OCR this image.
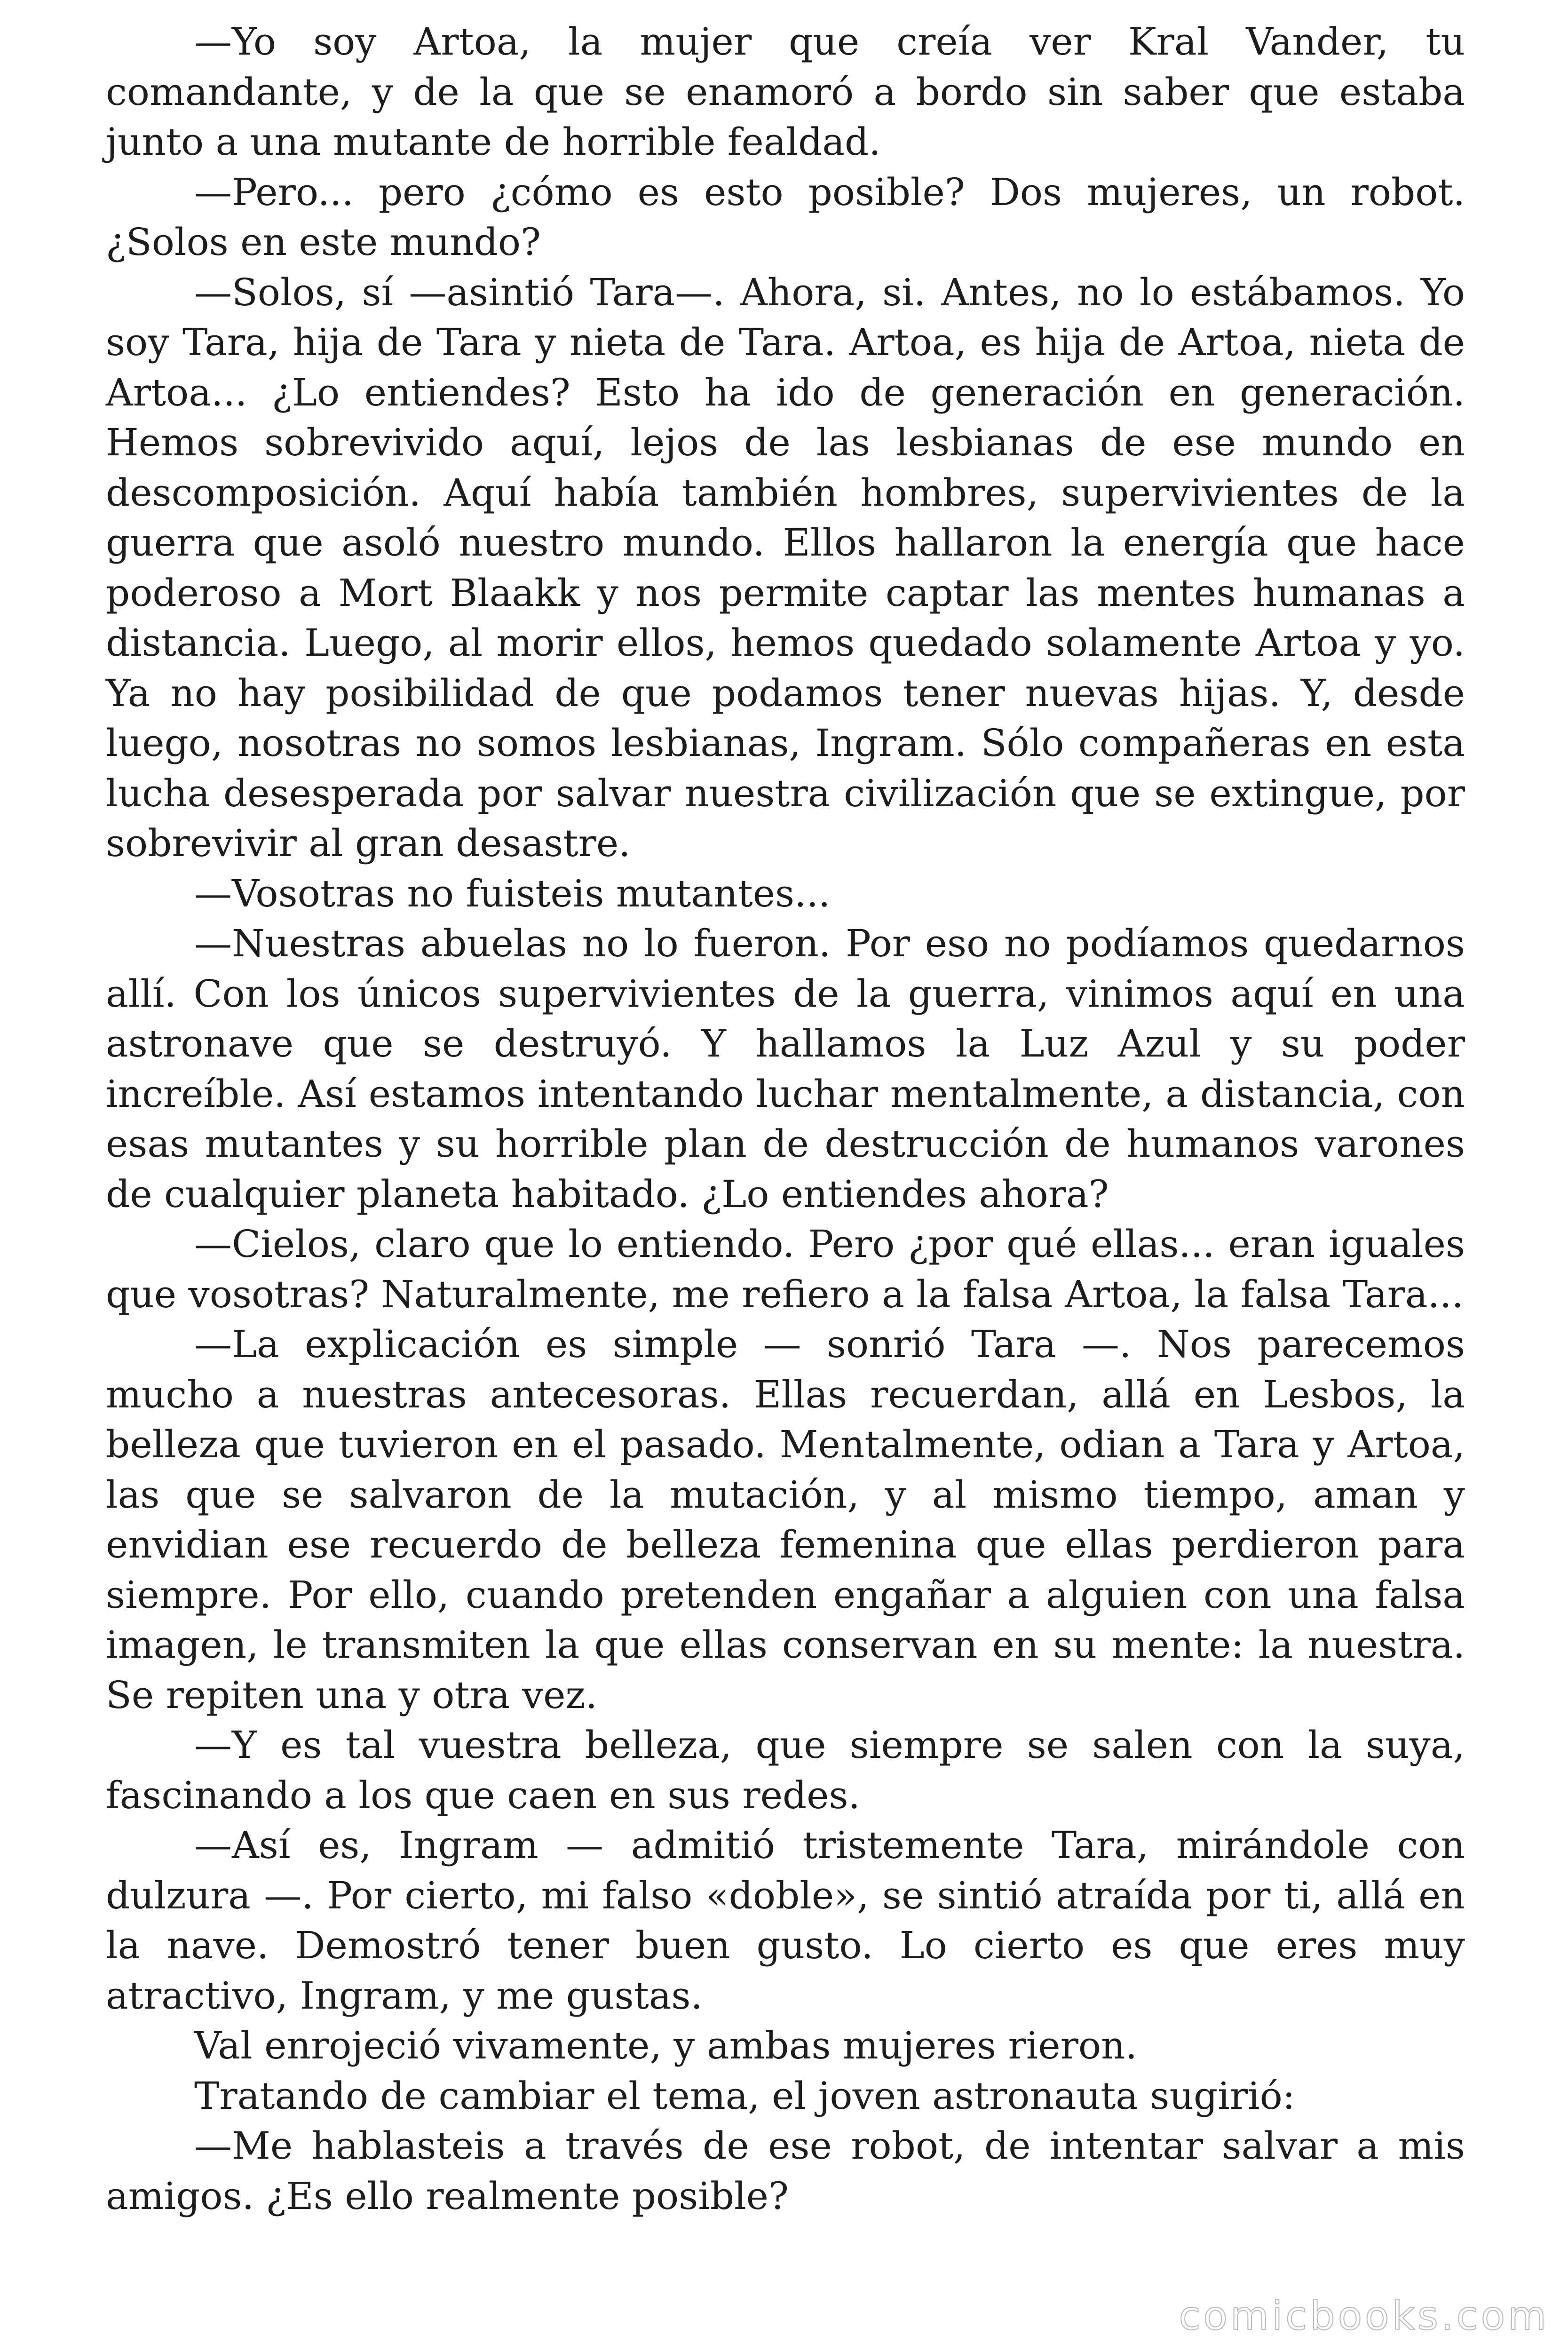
—Yo soy Artoa, la mujer que creía ver Kral Vander, tu comandante, y de la que se enamoró a bordo sin saber que estaba junto a una mutante de horrible fealdad.

—Pero... pero ¿cómo es esto posible? Dos mujeres, un robot. ¿Solos en este mundo?

—Solos, sí —asintió Tara—. Ahora, si. Antes, no lo estábamos. Yo soy Tara, hija de Tara y nieta de Tara. Artoa, es hija de Artoa, nieta de Artoa... ¿Lo entiendes? Esto ha ido de generación en generación. Hemos sobrevivido aquí, lejos de las lesbianas de ese mundo en descomposición. Aquí había también hombres, supervivientes de la guerra que asoló nuestro mundo. Ellos hallaron la energía que hace poderoso a Mort Blaakk y nos permite captar las mentes humanas a distancia. Luego, al morir ellos, hemos quedado solamente Artoa y yo. Ya no hay posibilidad de que podamos tener nuevas hijas. Y, desde luego, nosotras no somos lesbianas, Ingram. Sólo compañeras en esta lucha desesperada por salvar nuestra civilización que se extingue, por sobrevivir al gran desastre.

—Vosotras no fuisteis mutantes...

—Nuestras abuelas no lo fueron. Por eso no podíamos quedarnos allí. Con los únicos supervivientes de la guerra, vinimos aquí en una astronave que se destruyó. Y hallamos la Luz Azul y su poder increíble. Así estamos intentando luchar mentalmente, a distancia, con esas mutantes y su horrible plan de destrucción de humanos varones de cualquier planeta habitado. ¿Lo entiendes ahora?

—Cielos, claro que lo entiendo. Pero ¿por qué ellas... eran iguales que vosotras? Naturalmente, me refiero a la falsa Artoa, la falsa Tara...

—La explicación es simple — sonrió Tara —. Nos parecemos mucho a nuestras antecesoras. Ellas recuerdan, allá en Lesbos, la belleza que tuvieron en el pasado. Mentalmente, odian a Tara y Artoa, las que se salvaron de la mutación, y al mismo tiempo, aman y envidian ese recuerdo de belleza femenina que ellas perdieron para siempre. Por ello, cuando pretenden engañar a alguien con una falsa imagen, le transmiten la que ellas conservan en su mente: la nuestra. Se repiten una y otra vez.

—Y es tal vuestra belleza, que siempre se salen con la suya, fascinando a los que caen en sus redes.

—Así es, Ingram — admitió tristemente Tara, mirándole con dulzura —. Por cierto, mi falso «doble», se sintió atraída por ti, allá en la nave. Demostró tener buen gusto. Lo cierto es que eres muy atractivo, Ingram, y me gustas.

Val enrojeció vivamente, y ambas mujeres rieron.

Tratando de cambiar el tema, el joven astronauta sugirió:

—Me hablasteis a través de ese robot, de intentar salvar a mis amigos. ¿Es ello realmente posible?

comicbooks.com
